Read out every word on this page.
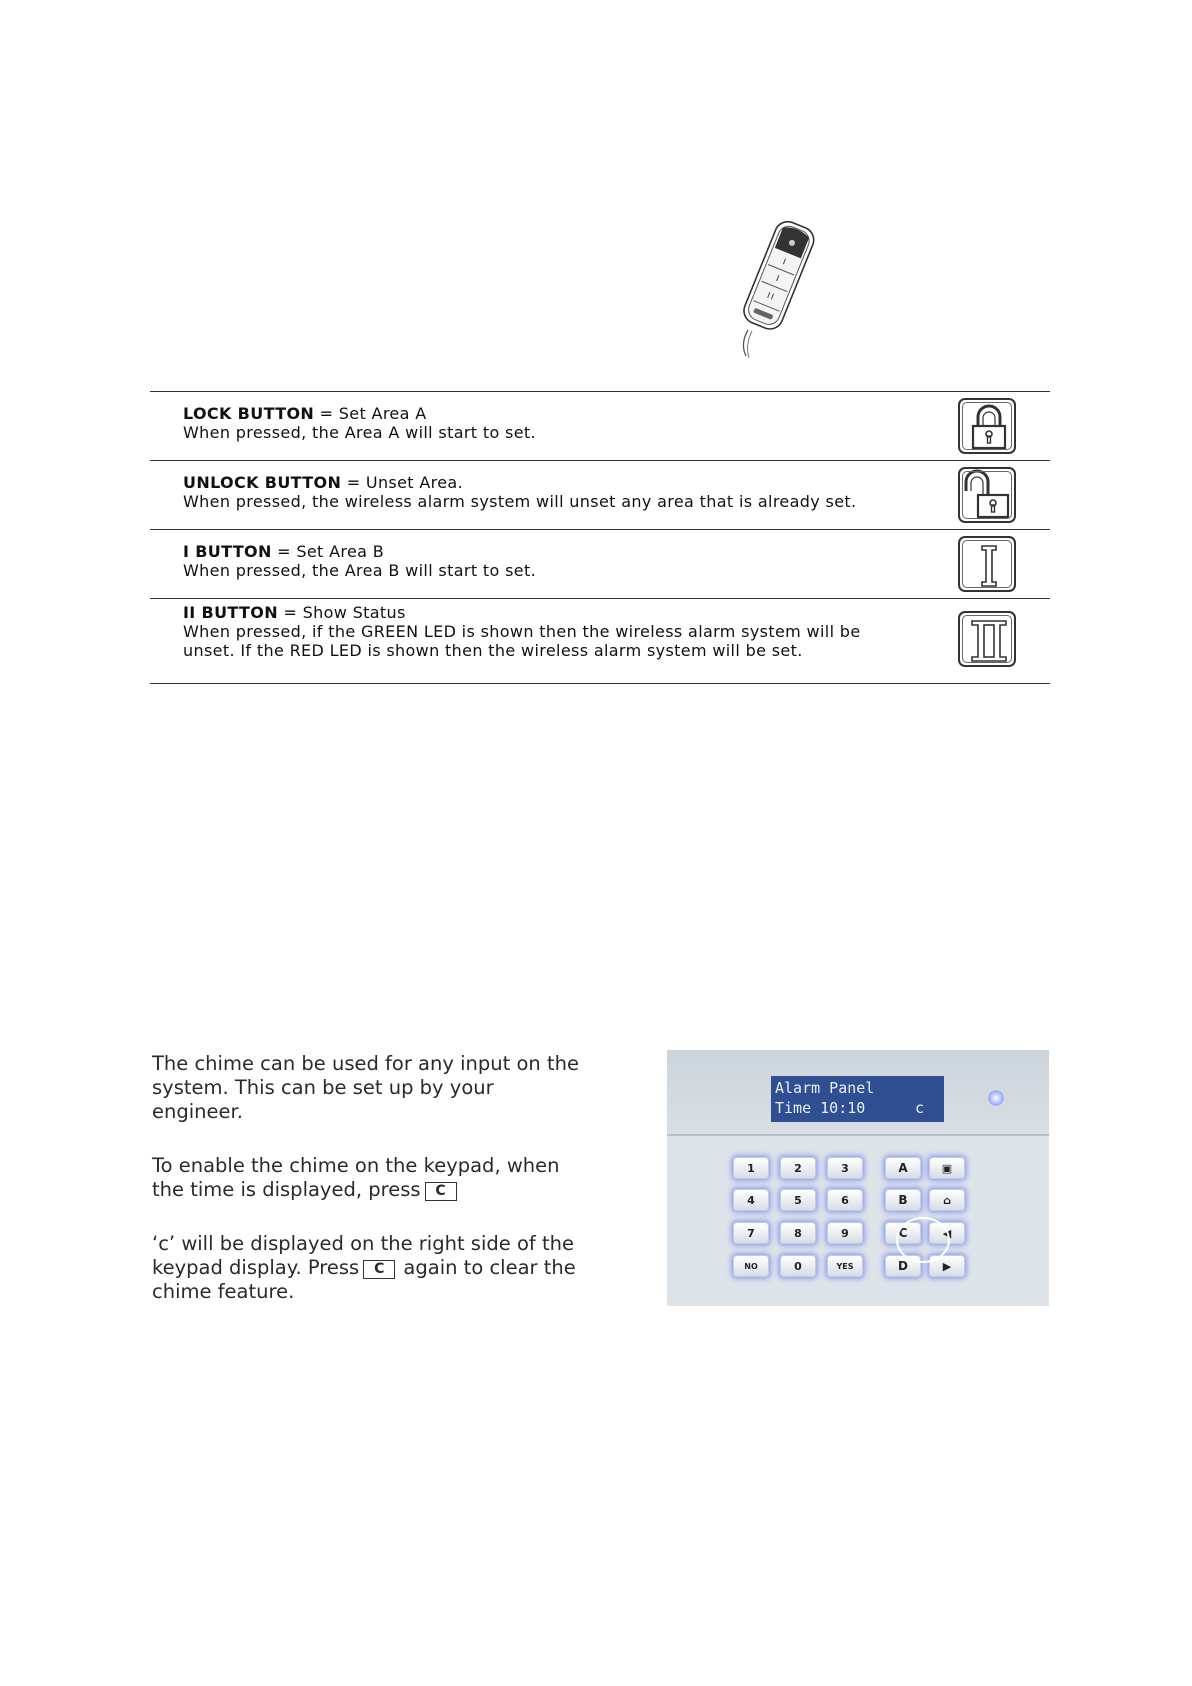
LOCK BUTTON = Set Area A
When pressed, the Area A will start to set.
UNLOCK BUTTON = Unset Area.
When pressed, the wireless alarm system will unset any area that is already set.
I BUTTON = Set Area B
When pressed, the Area B will start to set.
II BUTTON = Show Status
When pressed, if the GREEN LED is shown then the wireless alarm system will be unset. If the RED LED is shown then the wireless alarm system will be set.

The chime can be used for any input on the system. This can be set up by your engineer.

To enable the chime on the keypad, when the time is displayed, press C

‘c’ will be displayed on the right side of the keypad display. Press C again to clear the chime feature.

Alarm Panel
Time 10:10	c
1	2	3	A	▣
4	5	6	B	⌂
7	8	9	C	◀
NO	0	YES	D	▶
